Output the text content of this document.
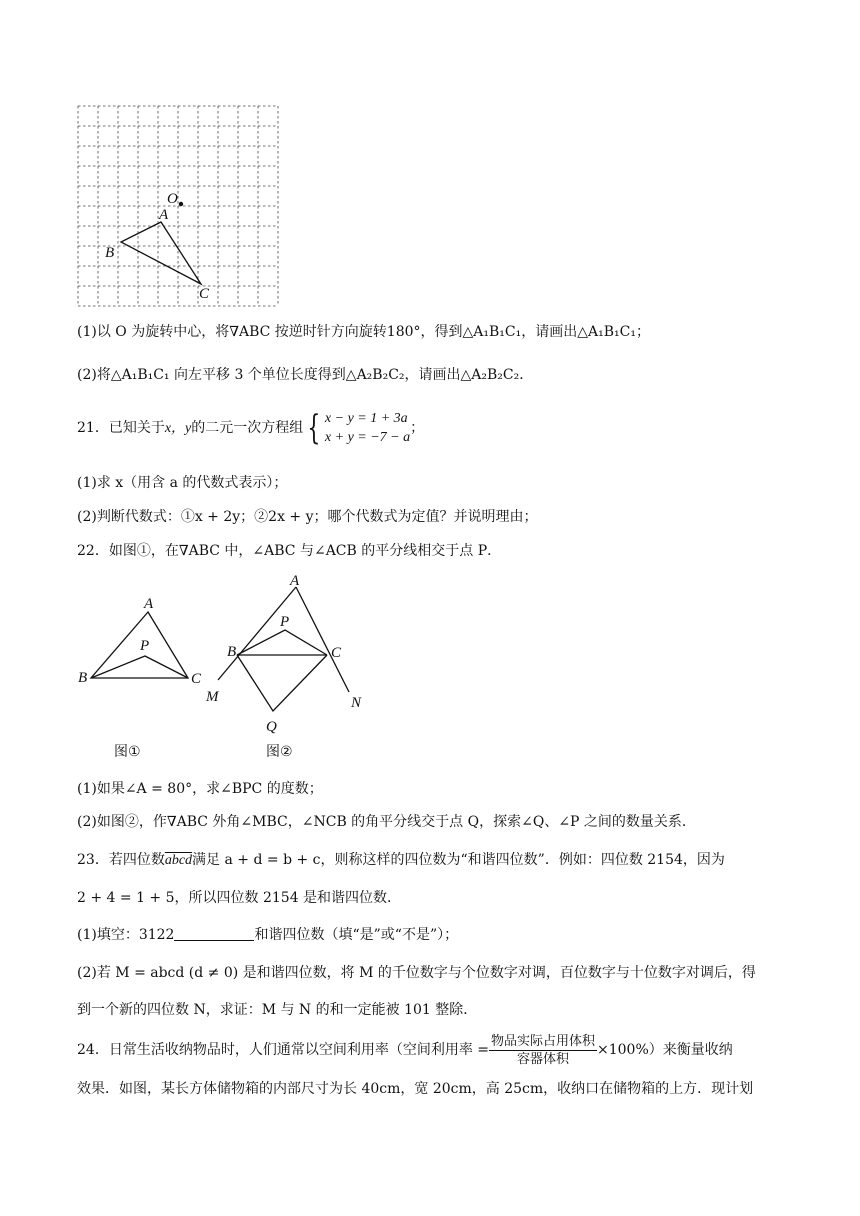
O
A
B
C
(1)以 O 为旋转中心，将∇ABC 按逆时针方向旋转180°，得到△A₁B₁C₁，请画出△A₁B₁C₁；
(2)将△A₁B₁C₁ 向左平移 3 个单位长度得到△A₂B₂C₂，请画出△A₂B₂C₂．
21．已知关于x，y的二元一次方程组 { x − y = 1 + 3a
x + y = −7 − a
；
(1)求 x（用含 a 的代数式表示）；
(2)判断代数式：①x + 2y；②2x + y；哪个代数式为定值？并说明理由；
22．如图①，在∇ABC 中，∠ABC 与∠ACB 的平分线相交于点 P．
A
P
B	C
图①
A
P
B	C
M	N
Q
图②
(1)如果∠A = 80°，求∠BPC 的度数；
(2)如图②，作∇ABC 外角∠MBC，∠NCB 的角平分线交于点 Q，探索∠Q、∠P 之间的数量关系．
23．若四位数abcd满足 a + d = b + c，则称这样的四位数为“和谐四位数”．例如：四位数 2154，因为
2 + 4 = 1 + 5，所以四位数 2154 是和谐四位数．
(1)填空：3122	和谐四位数（填“是”或“不是”）；
(2)若 M = abcd (d ≠ 0) 是和谐四位数，将 M 的千位数字与个位数字对调，百位数字与十位数字对调后，得
到一个新的四位数 N，求证：M 与 N 的和一定能被 101 整除．
24．日常生活收纳物品时，人们通常以空间利用率（空间利用率 = $\frac{\text{物品实际占用体积}}{\text{容器体积}} \times 100\%$）来衡量收纳
效果．如图，某长方体储物箱的内部尺寸为长 40cm，宽 20cm，高 25cm，收纳口在储物箱的上方．现计划
